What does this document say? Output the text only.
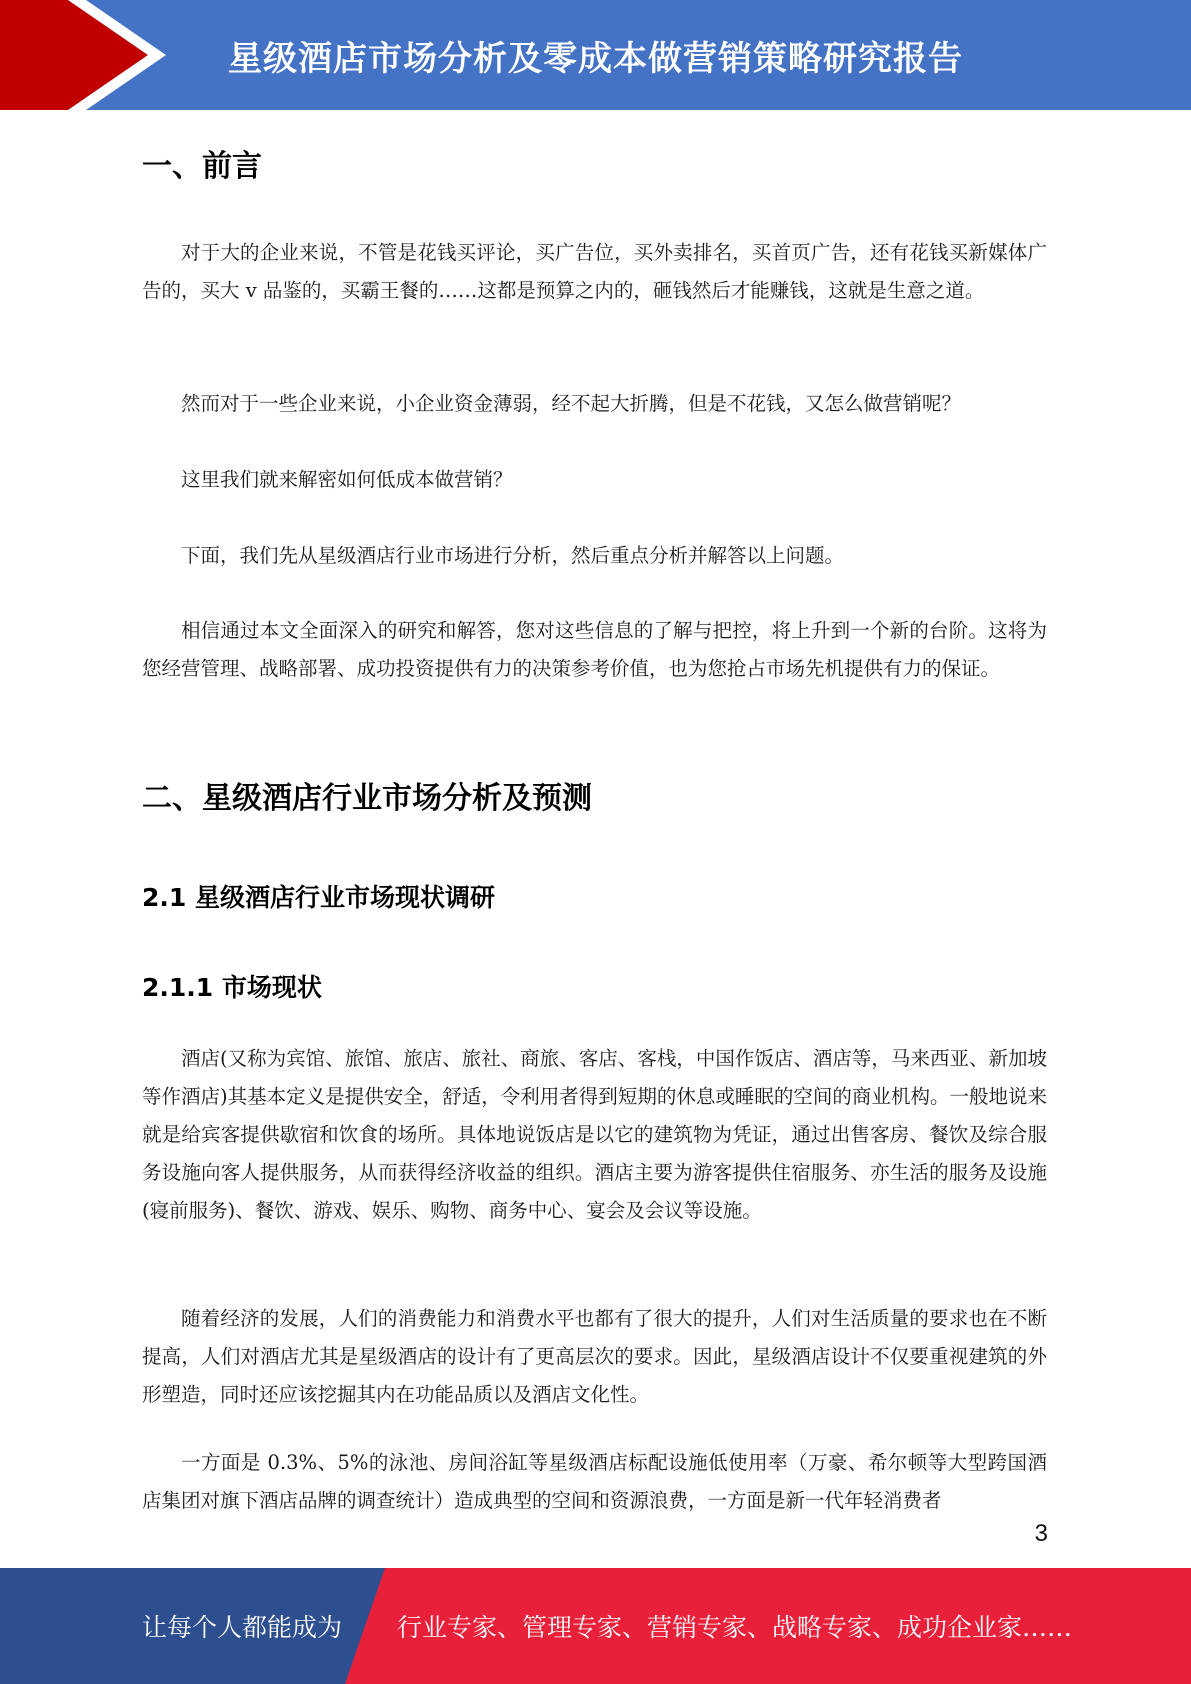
星级酒店市场分析及零成本做营销策略研究报告
一、前言

对于大的企业来说，不管是花钱买评论，买广告位，买外卖排名，买首页广告，还有花钱买新媒体广告的，买大 v 品鉴的，买霸王餐的……这都是预算之内的，砸钱然后才能赚钱，这就是生意之道。

然而对于一些企业来说，小企业资金薄弱，经不起大折腾，但是不花钱，又怎么做营销呢？

这里我们就来解密如何低成本做营销？

下面，我们先从星级酒店行业市场进行分析，然后重点分析并解答以上问题。

相信通过本文全面深入的研究和解答，您对这些信息的了解与把控，将上升到一个新的台阶。这将为您经营管理、战略部署、成功投资提供有力的决策参考价值，也为您抢占市场先机提供有力的保证。

二、星级酒店行业市场分析及预测
2.1 星级酒店行业市场现状调研
2.1.1 市场现状

酒店(又称为宾馆、旅馆、旅店、旅社、商旅、客店、客栈，中国作饭店、酒店等，马来西亚、新加坡等作酒店)其基本定义是提供安全，舒适，令利用者得到短期的休息或睡眠的空间的商业机构。一般地说来就是给宾客提供歇宿和饮食的场所。具体地说饭店是以它的建筑物为凭证，通过出售客房、餐饮及综合服务设施向客人提供服务，从而获得经济收益的组织。酒店主要为游客提供住宿服务、亦生活的服务及设施(寝前服务)、餐饮、游戏、娱乐、购物、商务中心、宴会及会议等设施。

随着经济的发展，人们的消费能力和消费水平也都有了很大的提升，人们对生活质量的要求也在不断提高，人们对酒店尤其是星级酒店的设计有了更高层次的要求。因此，星级酒店设计不仅要重视建筑的外形塑造，同时还应该挖掘其内在功能品质以及酒店文化性。

一方面是 0.3%、5%的泳池、房间浴缸等星级酒店标配设施低使用率（万豪、希尔顿等大型跨国酒店集团对旗下酒店品牌的调查统计）造成典型的空间和资源浪费，一方面是新一代年轻消费者

3
让每个人都能成为 行业专家、管理专家、营销专家、战略专家、成功企业家……
